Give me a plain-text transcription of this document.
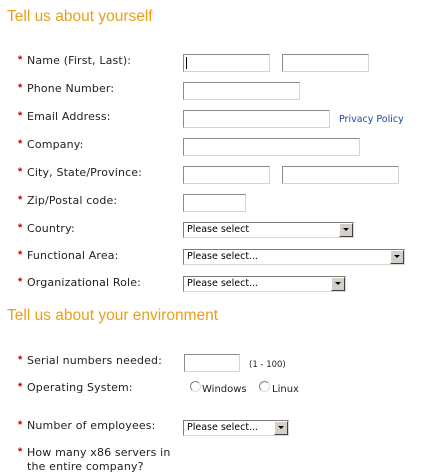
Tell us about yourself
* Name (First, Last):
* Phone Number:
* Email Address:	Privacy Policy
* Company:
* City, State/Province:
* Zip/Postal code:
* Country:	Please select
* Functional Area:	Please select...
* Organizational Role:	Please select...
Tell us about your environment
* Serial numbers needed:	(1 - 100)
* Operating System:	Windows	Linux
* Number of employees:	Please select...
* How many x86 servers in
the entire company?
